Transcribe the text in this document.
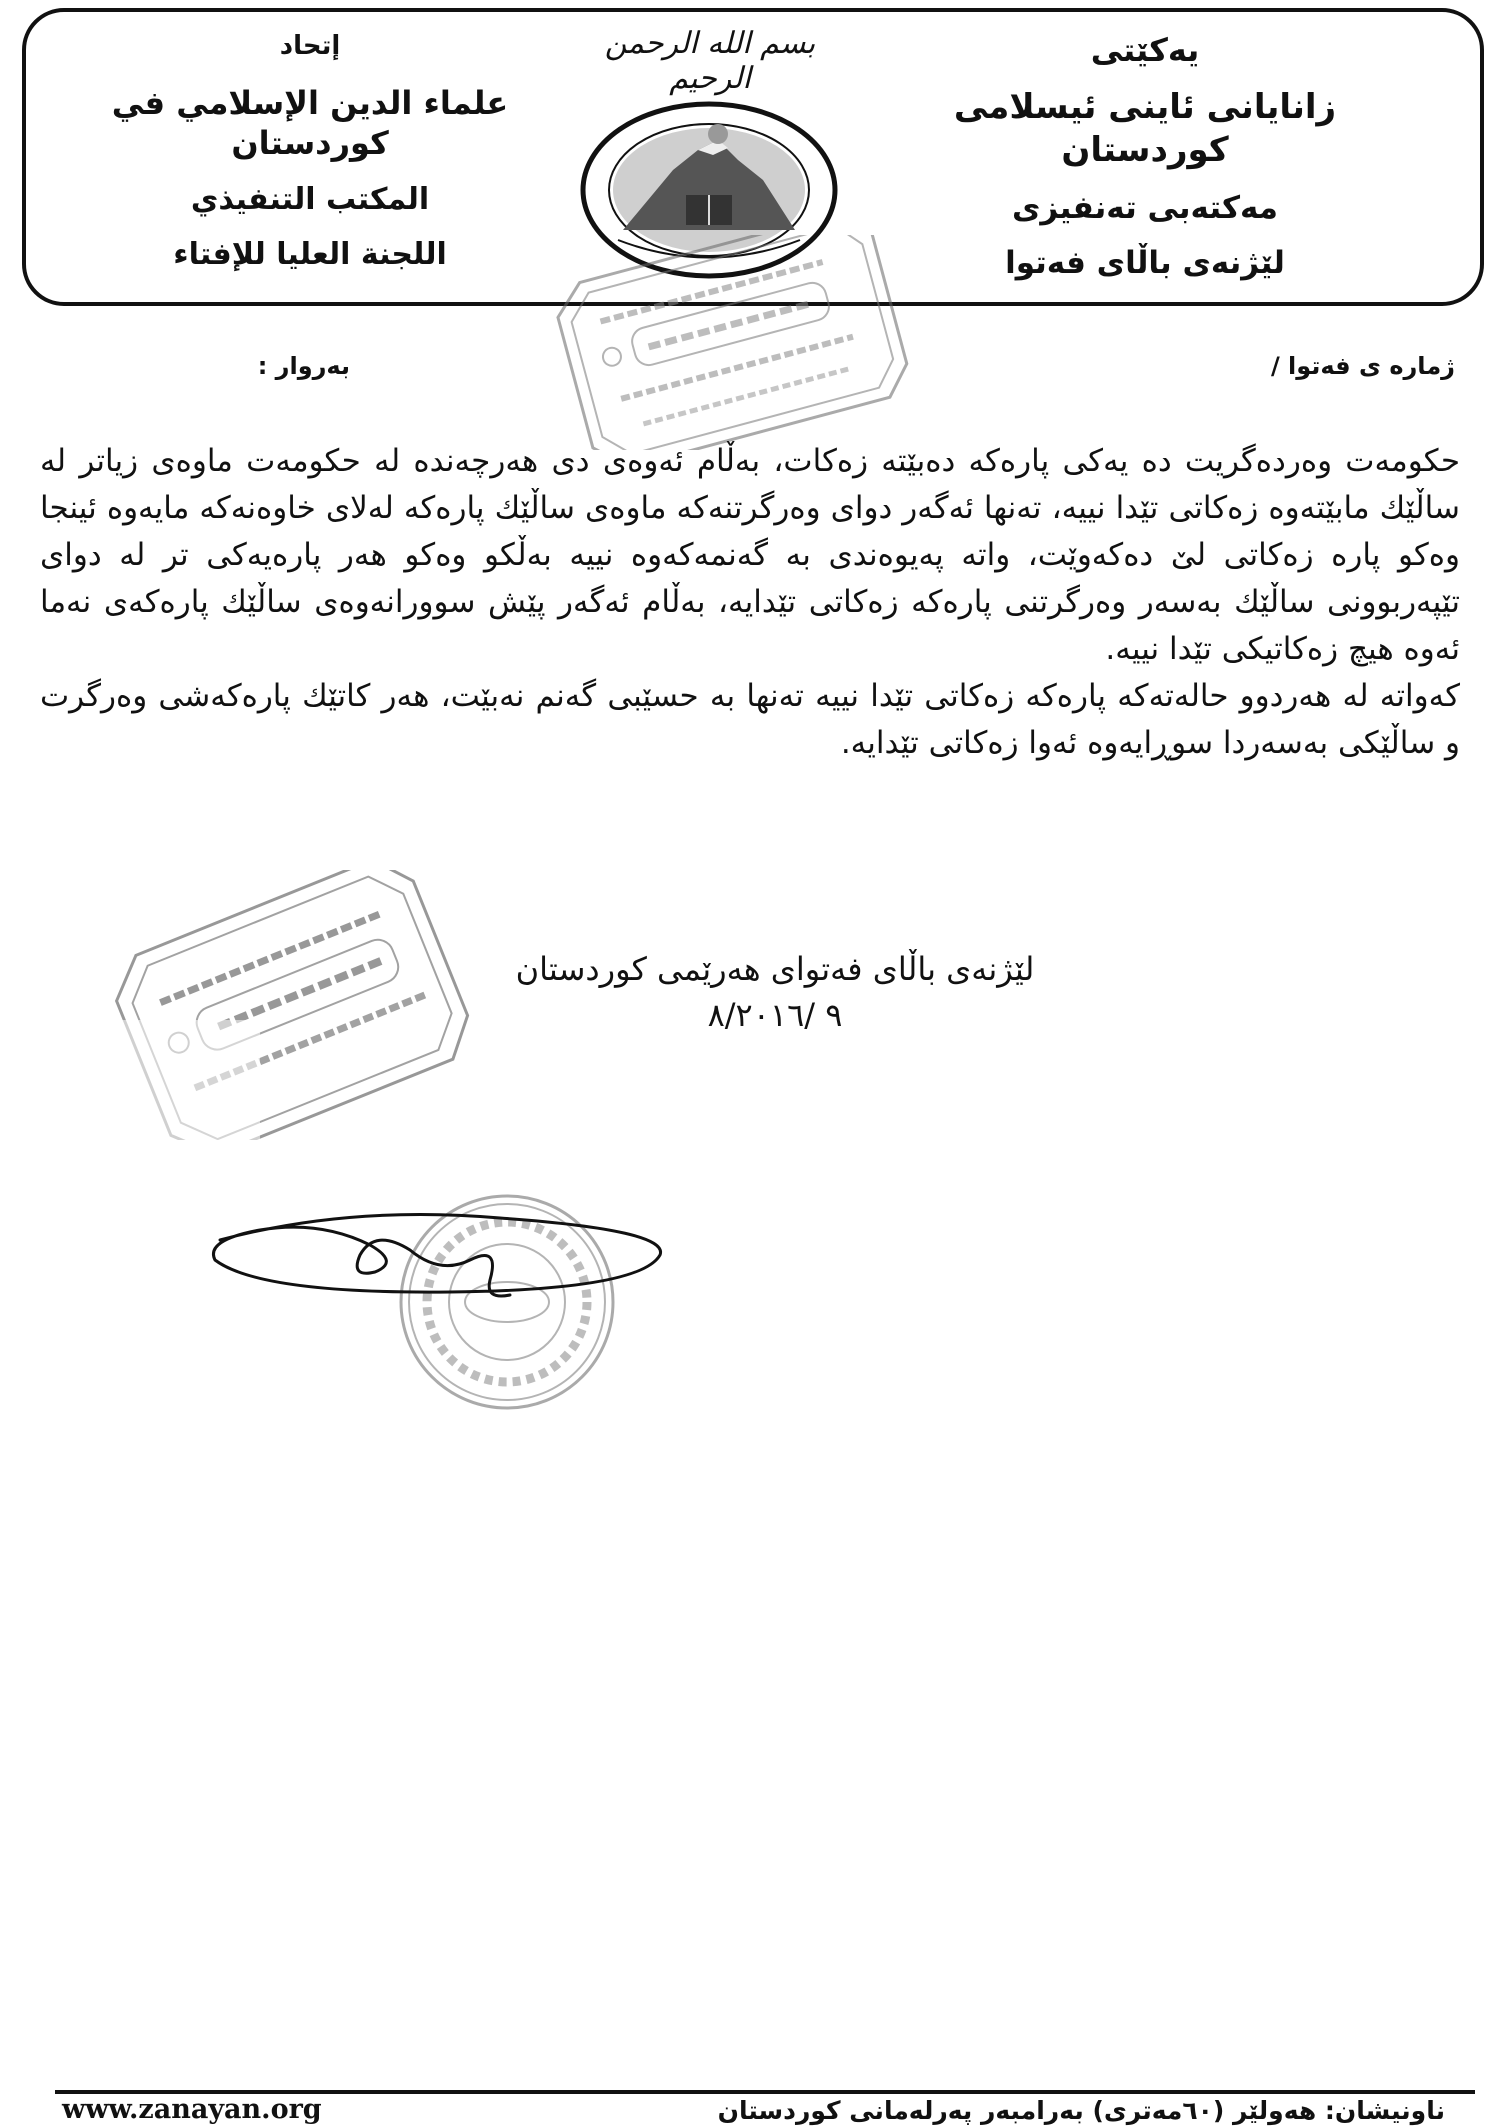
یەکێتی

زانایانی ئاینی ئیسلامی کوردستان

مەکتەبی تەنفیزی

لێژنەی باڵای فەتوا

إتحاد

علماء الدين الإسلامي في كوردستان

المكتب التنفيذي

اللجنة العليا للإفتاء

بسم الله الرحمن الرحيم
ژمارە ی فەتوا /
بەروار :

حکومەت وەردەگریت دە یەکی پارەکە دەبێتە زەکات، بەڵام ئەوەی دی هەرچەندە لە حکومەت ماوەی زیاتر لە ساڵێك مابێتەوە زەکاتی تێدا نییە، تەنها ئەگەر دوای وەرگرتنەکە ماوەی ساڵێك پارەکە لەلای خاوەنەکە مایەوە ئینجا وەکو پارە زەکاتی لێ دەکەوێت، واتە پەیوەندی بە گەنمەکەوە نییە بەڵکو وەکو هەر پارەیەکی تر لە دوای تێپەربوونی ساڵێك بەسەر وەرگرتنی پارەکە زەکاتی تێدایە، بەڵام ئەگەر پێش سوورانەوەی ساڵێك پارەکەی نەما ئەوە هیچ زەکاتیکی تێدا نییە.

کەواتە لە هەردوو حالەتەکە پارەکە زەکاتی تێدا نییە تەنها بە حسێبی گەنم نەبێت، هەر کاتێك پارەکەشی وەرگرت و ساڵێکی بەسەردا سوڕایەوە ئەوا زەکاتی تێدایە.

لێژنەی باڵای فەتوای هەرێمی کوردستان

٩ /٨/٢٠١٦

www.zanayan.org	ناونیشان: هەولێر (٦٠مەتری) بەرامبەر پەرلەمانی کوردستان
